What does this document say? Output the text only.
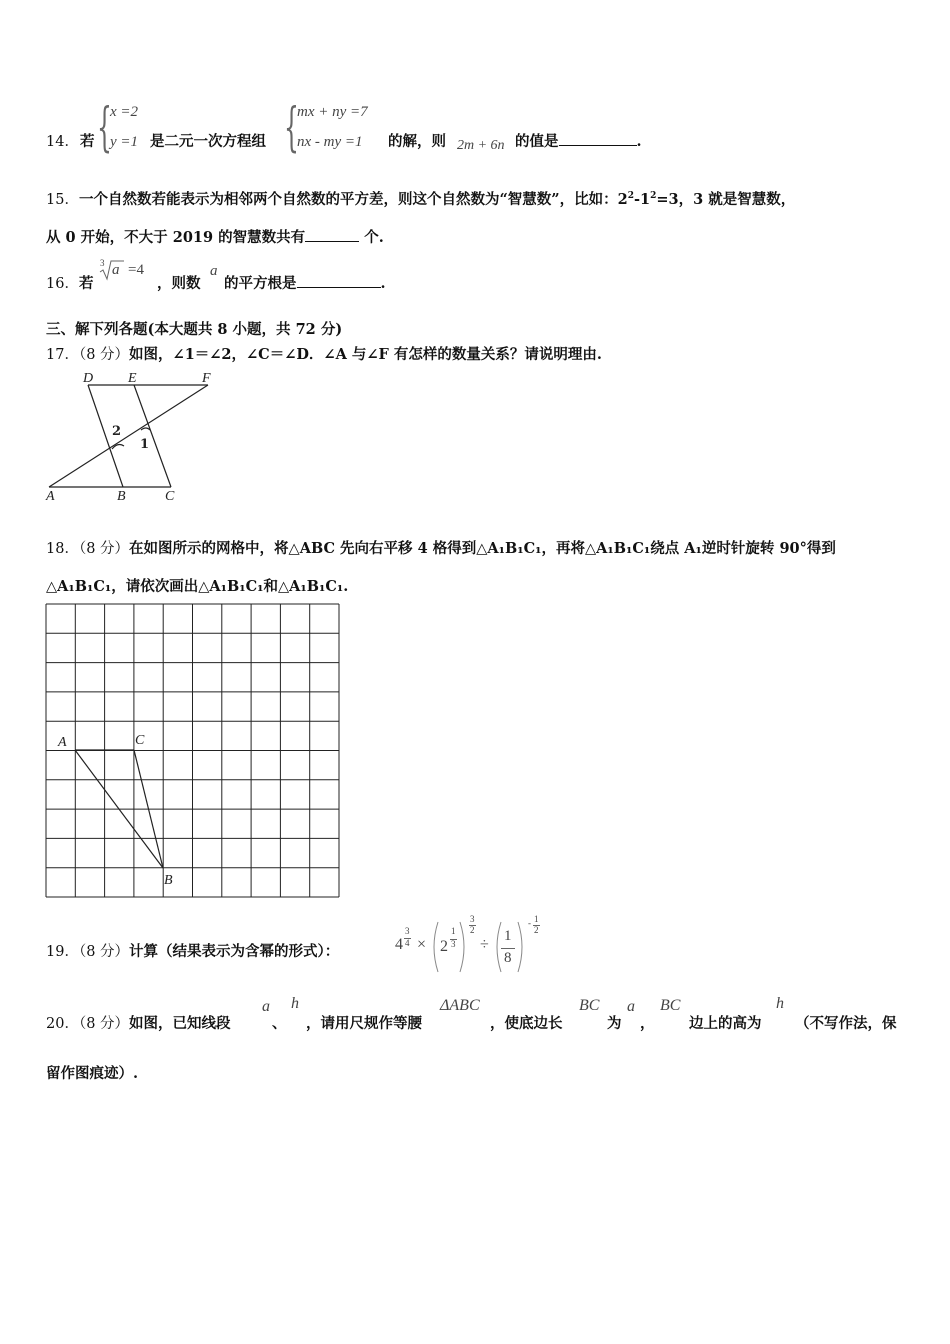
14． 若 {
x =2
y =1 是二元一次方程组 {
mx + ny =7
nx - my =1 的解，则 2m + 6n 的值是	.
15．一个自然数若能表示为相邻两个自然数的平方差，则这个自然数为“智慧数”，比如：$2^2-1^2=3$，3 就是智慧数，
从 0 开始，不大于 2019 的智慧数共有	个.
16．若
3 a =4
，则数
a
的平方根是	.
三、解下列各题(本大题共 8 小题，共 72 分)
17．（8 分）如图，∠1＝∠2，∠C＝∠D．∠A 与∠F 有怎样的数量关系？请说明理由.
D E	F
A	B	C
2
1
18．（8 分）在如图所示的网格中，将△ABC 先向右平移 4 格得到△A₁B₁C₁，再将△A₁B₁C₁绕点 A₁逆时针旋转 90°得到
△A₁B₁C₁，请依次画出△A₁B₁C₁和△A₁B₁C₁.
A	C
B
19．（8 分）计算（结果表示为含幂的形式）：	4
3
4 × 2
1
3
3
2
÷ 1
8
- 1
2
20．（8 分）如图，已知线段
a
、
h
，请用尺规作等腰
ΔABC
，使底边长
BC
为
a
，
BC
边上的高为
h
（不写作法，保
留作图痕迹）.
